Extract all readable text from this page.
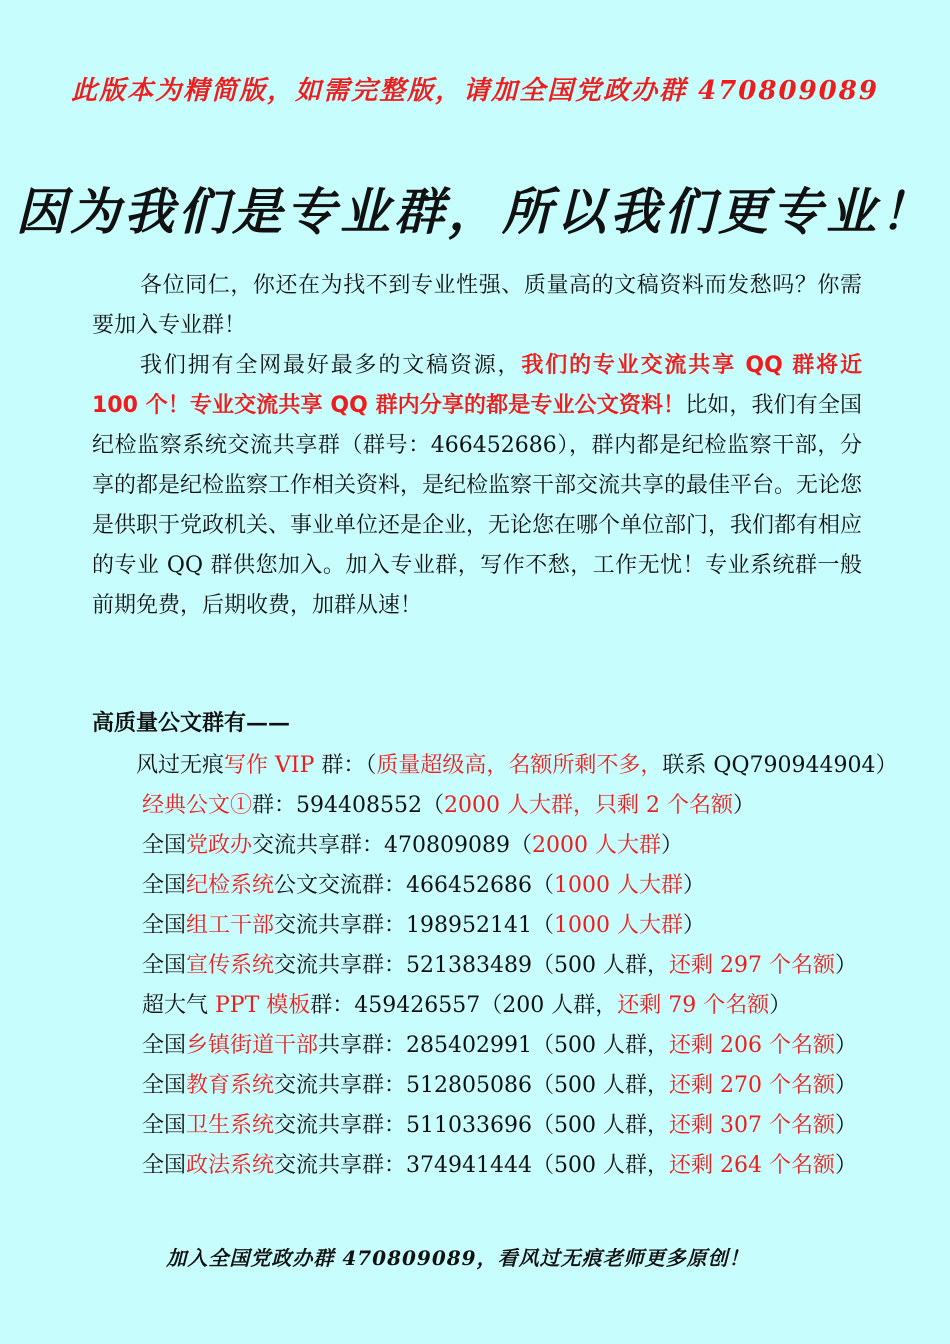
此版本为精简版，如需完整版，请加全国党政办群 470809089
因为我们是专业群，所以我们更专业！

各位同仁，你还在为找不到专业性强、质量高的文稿资料而发愁吗？你需要加入专业群！

我们拥有全网最好最多的文稿资源，我们的专业交流共享 QQ 群将近 100 个！专业交流共享 QQ 群内分享的都是专业公文资料！比如，我们有全国纪检监察系统交流共享群（群号：466452686），群内都是纪检监察干部，分享的都是纪检监察工作相关资料，是纪检监察干部交流共享的最佳平台。无论您是供职于党政机关、事业单位还是企业，无论您在哪个单位部门，我们都有相应的专业 QQ 群供您加入。加入专业群，写作不愁，工作无忧！专业系统群一般前期免费，后期收费，加群从速！

高质量公文群有——
风过无痕写作 VIP 群：（质量超级高，名额所剩不多，联系 QQ790944904）
经典公文①群：594408552（2000 人大群，只剩 2 个名额）
全国党政办交流共享群：470809089（2000 人大群）
全国纪检系统公文交流群：466452686（1000 人大群）
全国组工干部交流共享群：198952141（1000 人大群）
全国宣传系统交流共享群：521383489（500 人群，还剩 297 个名额）
超大气 PPT 模板群：459426557（200 人群，还剩 79 个名额）
全国乡镇街道干部共享群：285402991（500 人群，还剩 206 个名额）
全国教育系统交流共享群：512805086（500 人群，还剩 270 个名额）
全国卫生系统交流共享群：511033696（500 人群，还剩 307 个名额）
全国政法系统交流共享群：374941444（500 人群，还剩 264 个名额）
加入全国党政办群 470809089，看风过无痕老师更多原创！
